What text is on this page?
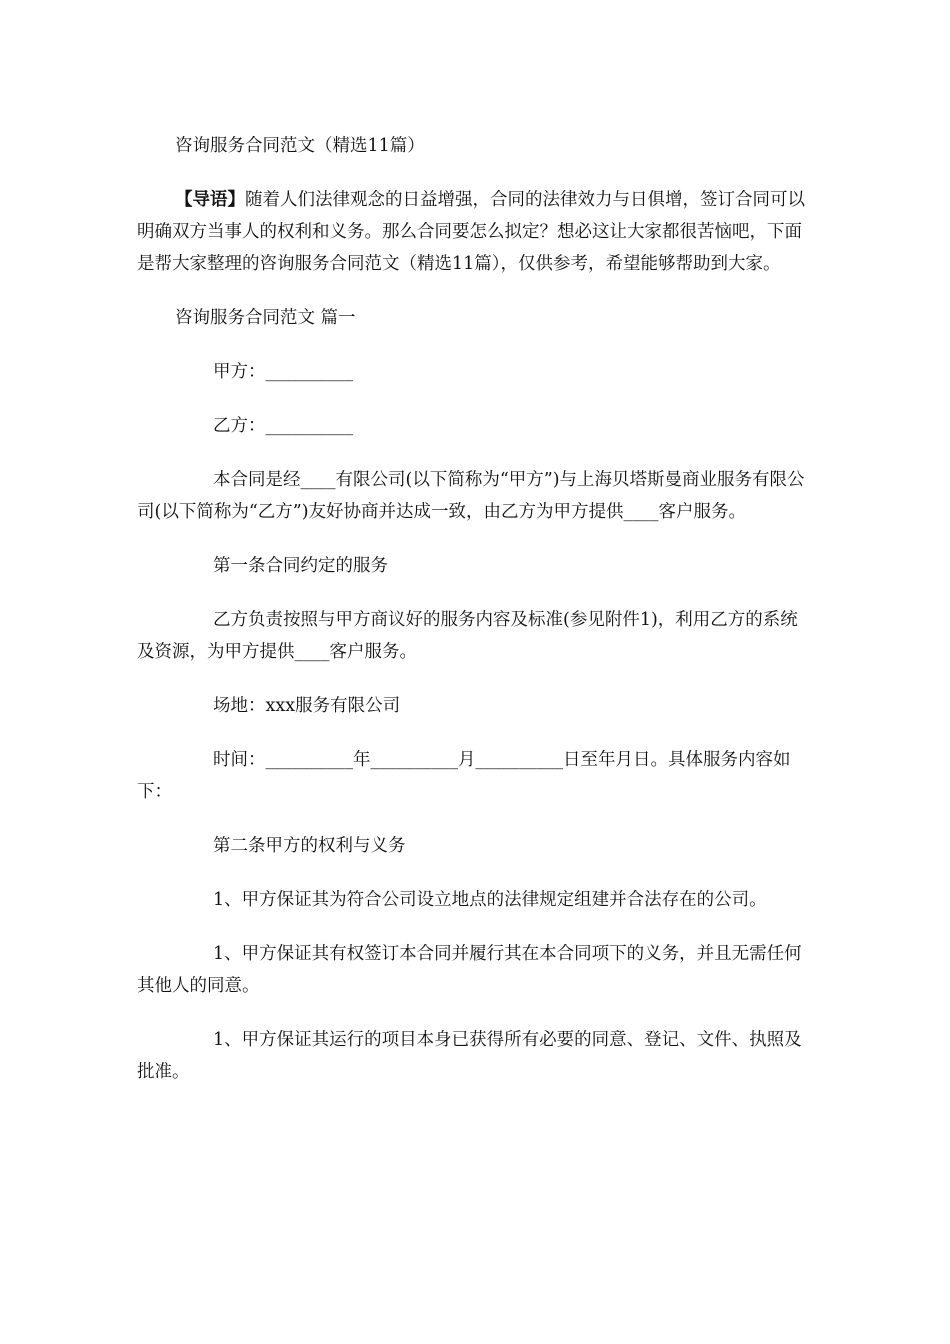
咨询服务合同范文（精选11篇）

【导语】随着人们法律观念的日益增强，合同的法律效力与日俱增，签订合同可以明确双方当事人的权利和义务。那么合同要怎么拟定？想必这让大家都很苦恼吧，下面是帮大家整理的咨询服务合同范文（精选11篇），仅供参考，希望能够帮助到大家。

咨询服务合同范文 篇一

甲方：__________

乙方：__________

本合同是经____有限公司(以下简称为“甲方”)与上海贝塔斯曼商业服务有限公司(以下简称为“乙方”)友好协商并达成一致，由乙方为甲方提供____客户服务。

第一条合同约定的服务

乙方负责按照与甲方商议好的服务内容及标准(参见附件1)，利用乙方的系统及资源，为甲方提供____客户服务。

场地：xxx服务有限公司

时间：__________年__________月__________日至年月日。具体服务内容如下：

第二条甲方的权利与义务

1、甲方保证其为符合公司设立地点的法律规定组建并合法存在的公司。

1、甲方保证其有权签订本合同并履行其在本合同项下的义务，并且无需任何其他人的同意。

1、甲方保证其运行的项目本身已获得所有必要的同意、登记、文件、执照及批准。
